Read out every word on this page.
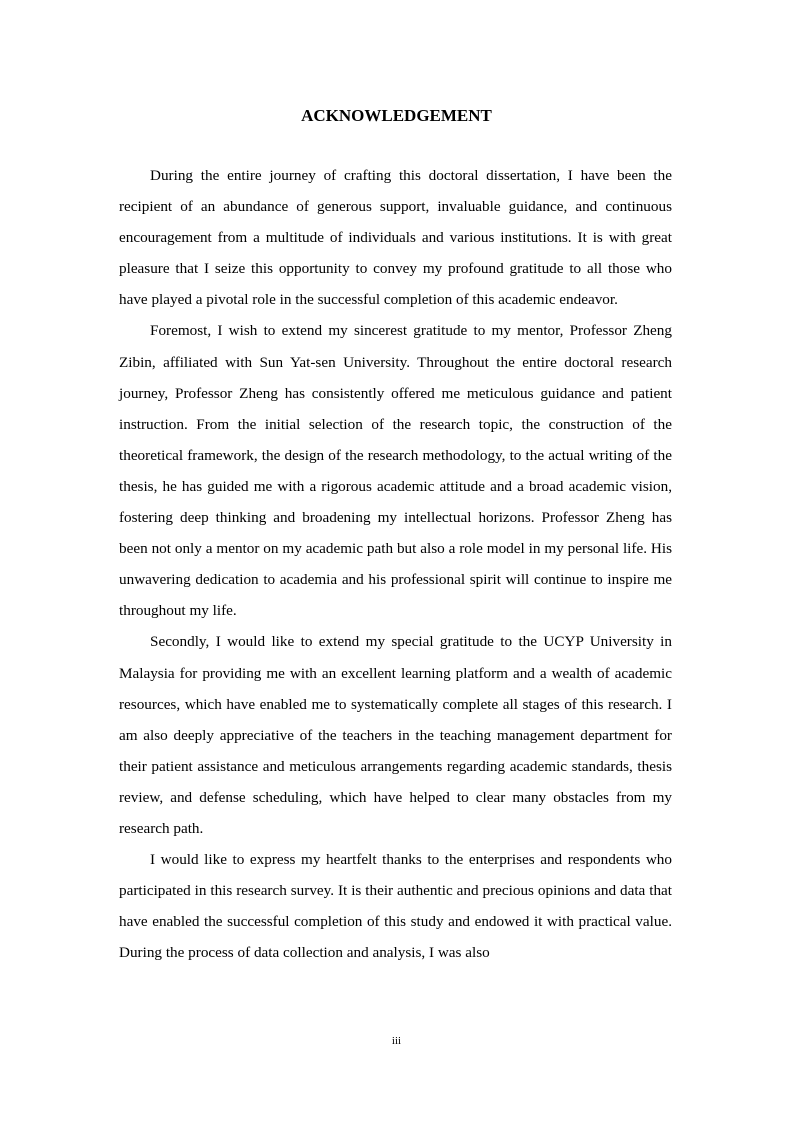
ACKNOWLEDGEMENT

During the entire journey of crafting this doctoral dissertation, I have been the recipient of an abundance of generous support, invaluable guidance, and continuous encouragement from a multitude of individuals and various institutions. It is with great pleasure that I seize this opportunity to convey my profound gratitude to all those who have played a pivotal role in the successful completion of this academic endeavor.

Foremost, I wish to extend my sincerest gratitude to my mentor, Professor Zheng Zibin, affiliated with Sun Yat-sen University. Throughout the entire doctoral research journey, Professor Zheng has consistently offered me meticulous guidance and patient instruction. From the initial selection of the research topic, the construction of the theoretical framework, the design of the research methodology, to the actual writing of the thesis, he has guided me with a rigorous academic attitude and a broad academic vision, fostering deep thinking and broadening my intellectual horizons. Professor Zheng has been not only a mentor on my academic path but also a role model in my personal life. His unwavering dedication to academia and his professional spirit will continue to inspire me throughout my life.

Secondly, I would like to extend my special gratitude to the UCYP University in Malaysia for providing me with an excellent learning platform and a wealth of academic resources, which have enabled me to systematically complete all stages of this research. I am also deeply appreciative of the teachers in the teaching management department for their patient assistance and meticulous arrangements regarding academic standards, thesis review, and defense scheduling, which have helped to clear many obstacles from my research path.

I would like to express my heartfelt thanks to the enterprises and respondents who participated in this research survey. It is their authentic and precious opinions and data that have enabled the successful completion of this study and endowed it with practical value. During the process of data collection and analysis, I was also

iii
